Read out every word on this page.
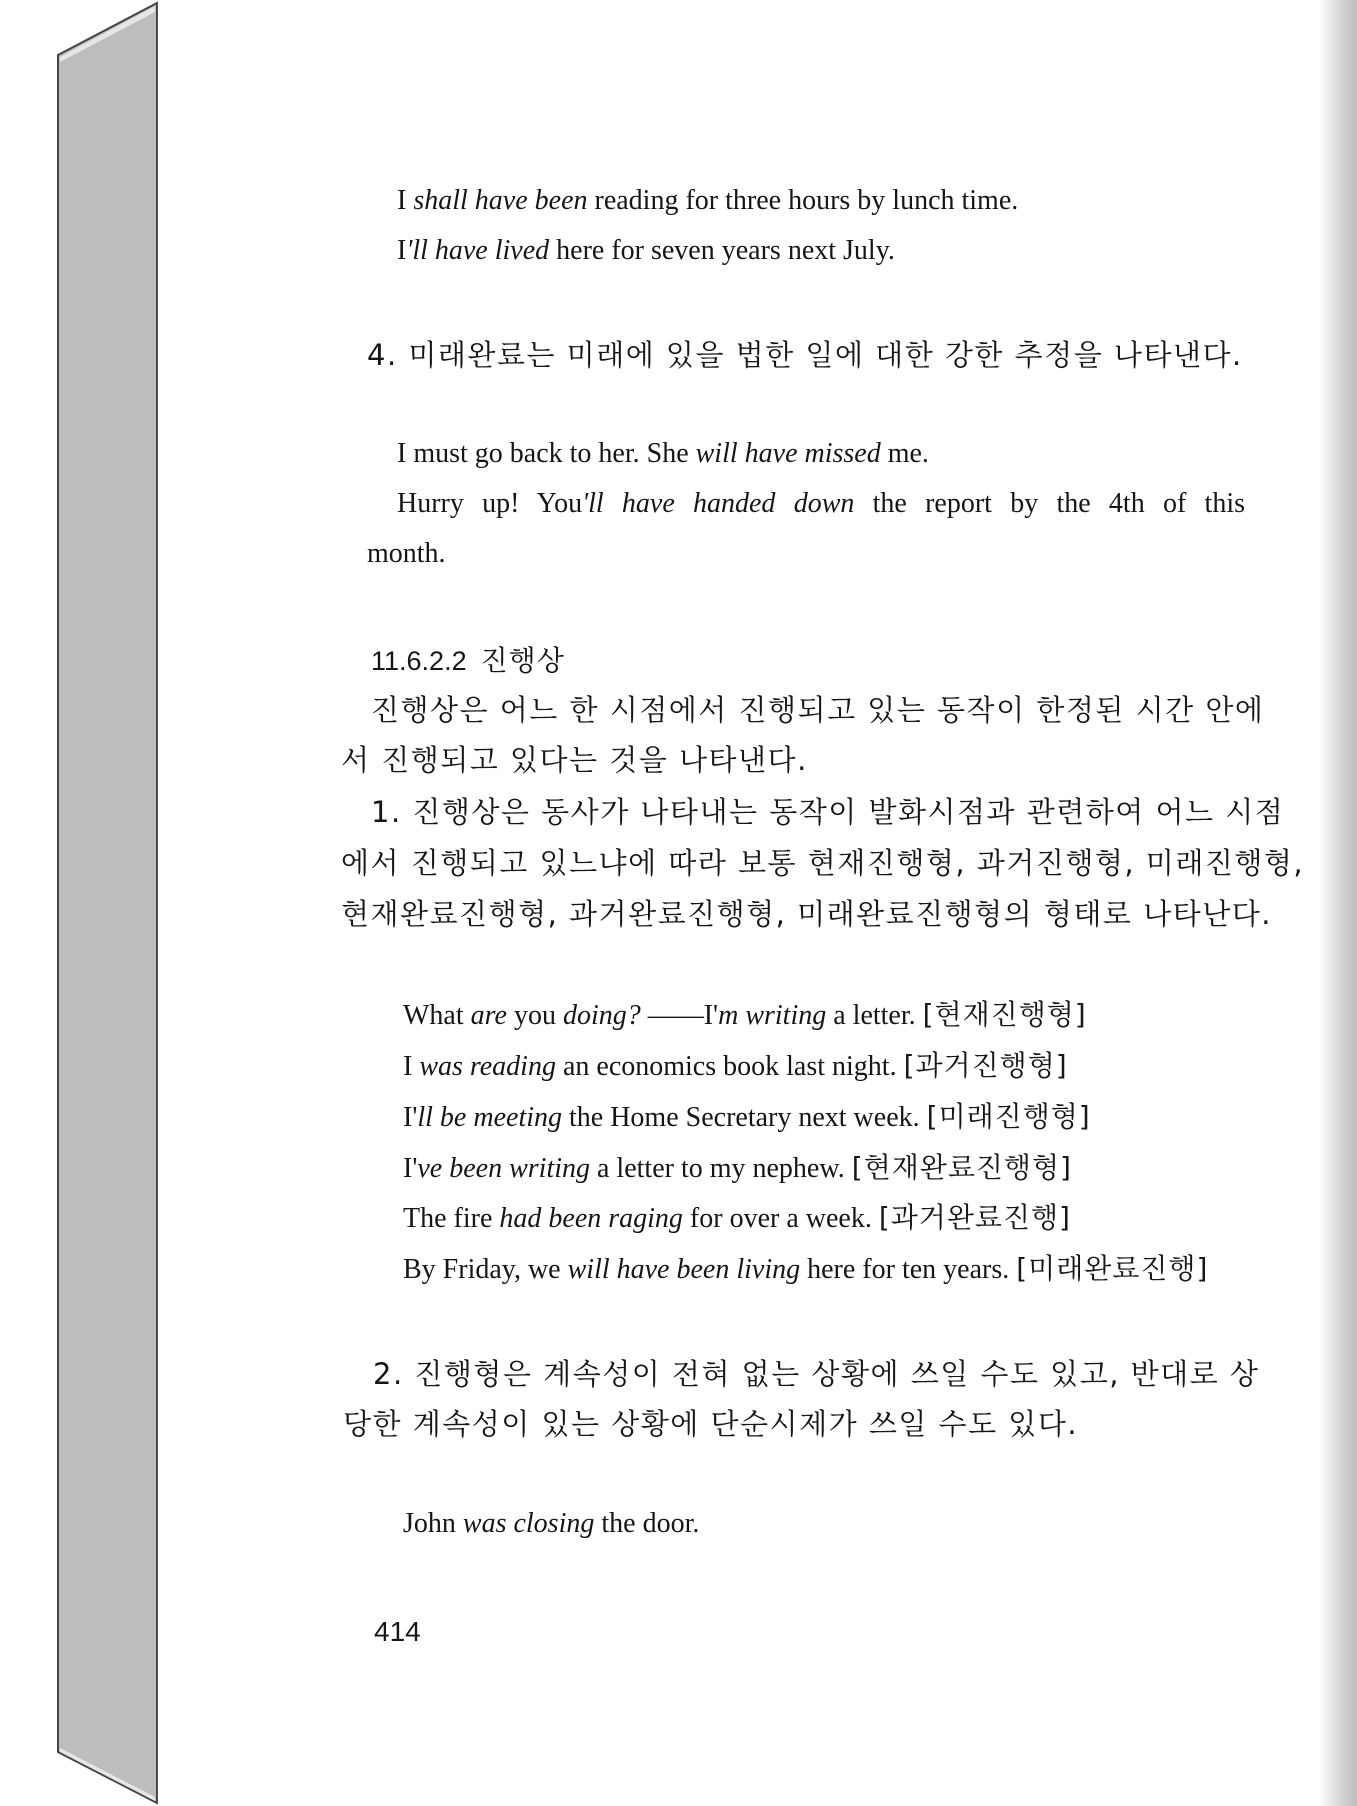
I shall have been reading for three hours by lunch time.
I'll have lived here for seven years next July.
4. 미래완료는 미래에 있을 법한 일에 대한 강한 추정을 나타낸다.
I must go back to her. She will have missed me.
Hurry up! You'll have handed down the report by the 4th of this
month.
11.6.2.2 진행상
진행상은 어느 한 시점에서 진행되고 있는 동작이 한정된 시간 안에
서 진행되고 있다는 것을 나타낸다.
1. 진행상은 동사가 나타내는 동작이 발화시점과 관련하여 어느 시점
에서 진행되고 있느냐에 따라 보통 현재진행형, 과거진행형, 미래진행형,
현재완료진행형, 과거완료진행형, 미래완료진행형의 형태로 나타난다.
What are you doing? ——I'm writing a letter. [현재진행형]
I was reading an economics book last night. [과거진행형]
I'll be meeting the Home Secretary next week. [미래진행형]
I've been writing a letter to my nephew. [현재완료진행형]
The fire had been raging for over a week. [과거완료진행]
By Friday, we will have been living here for ten years. [미래완료진행]
2. 진행형은 계속성이 전혀 없는 상황에 쓰일 수도 있고, 반대로 상
당한 계속성이 있는 상황에 단순시제가 쓰일 수도 있다.
John was closing the door.
414
